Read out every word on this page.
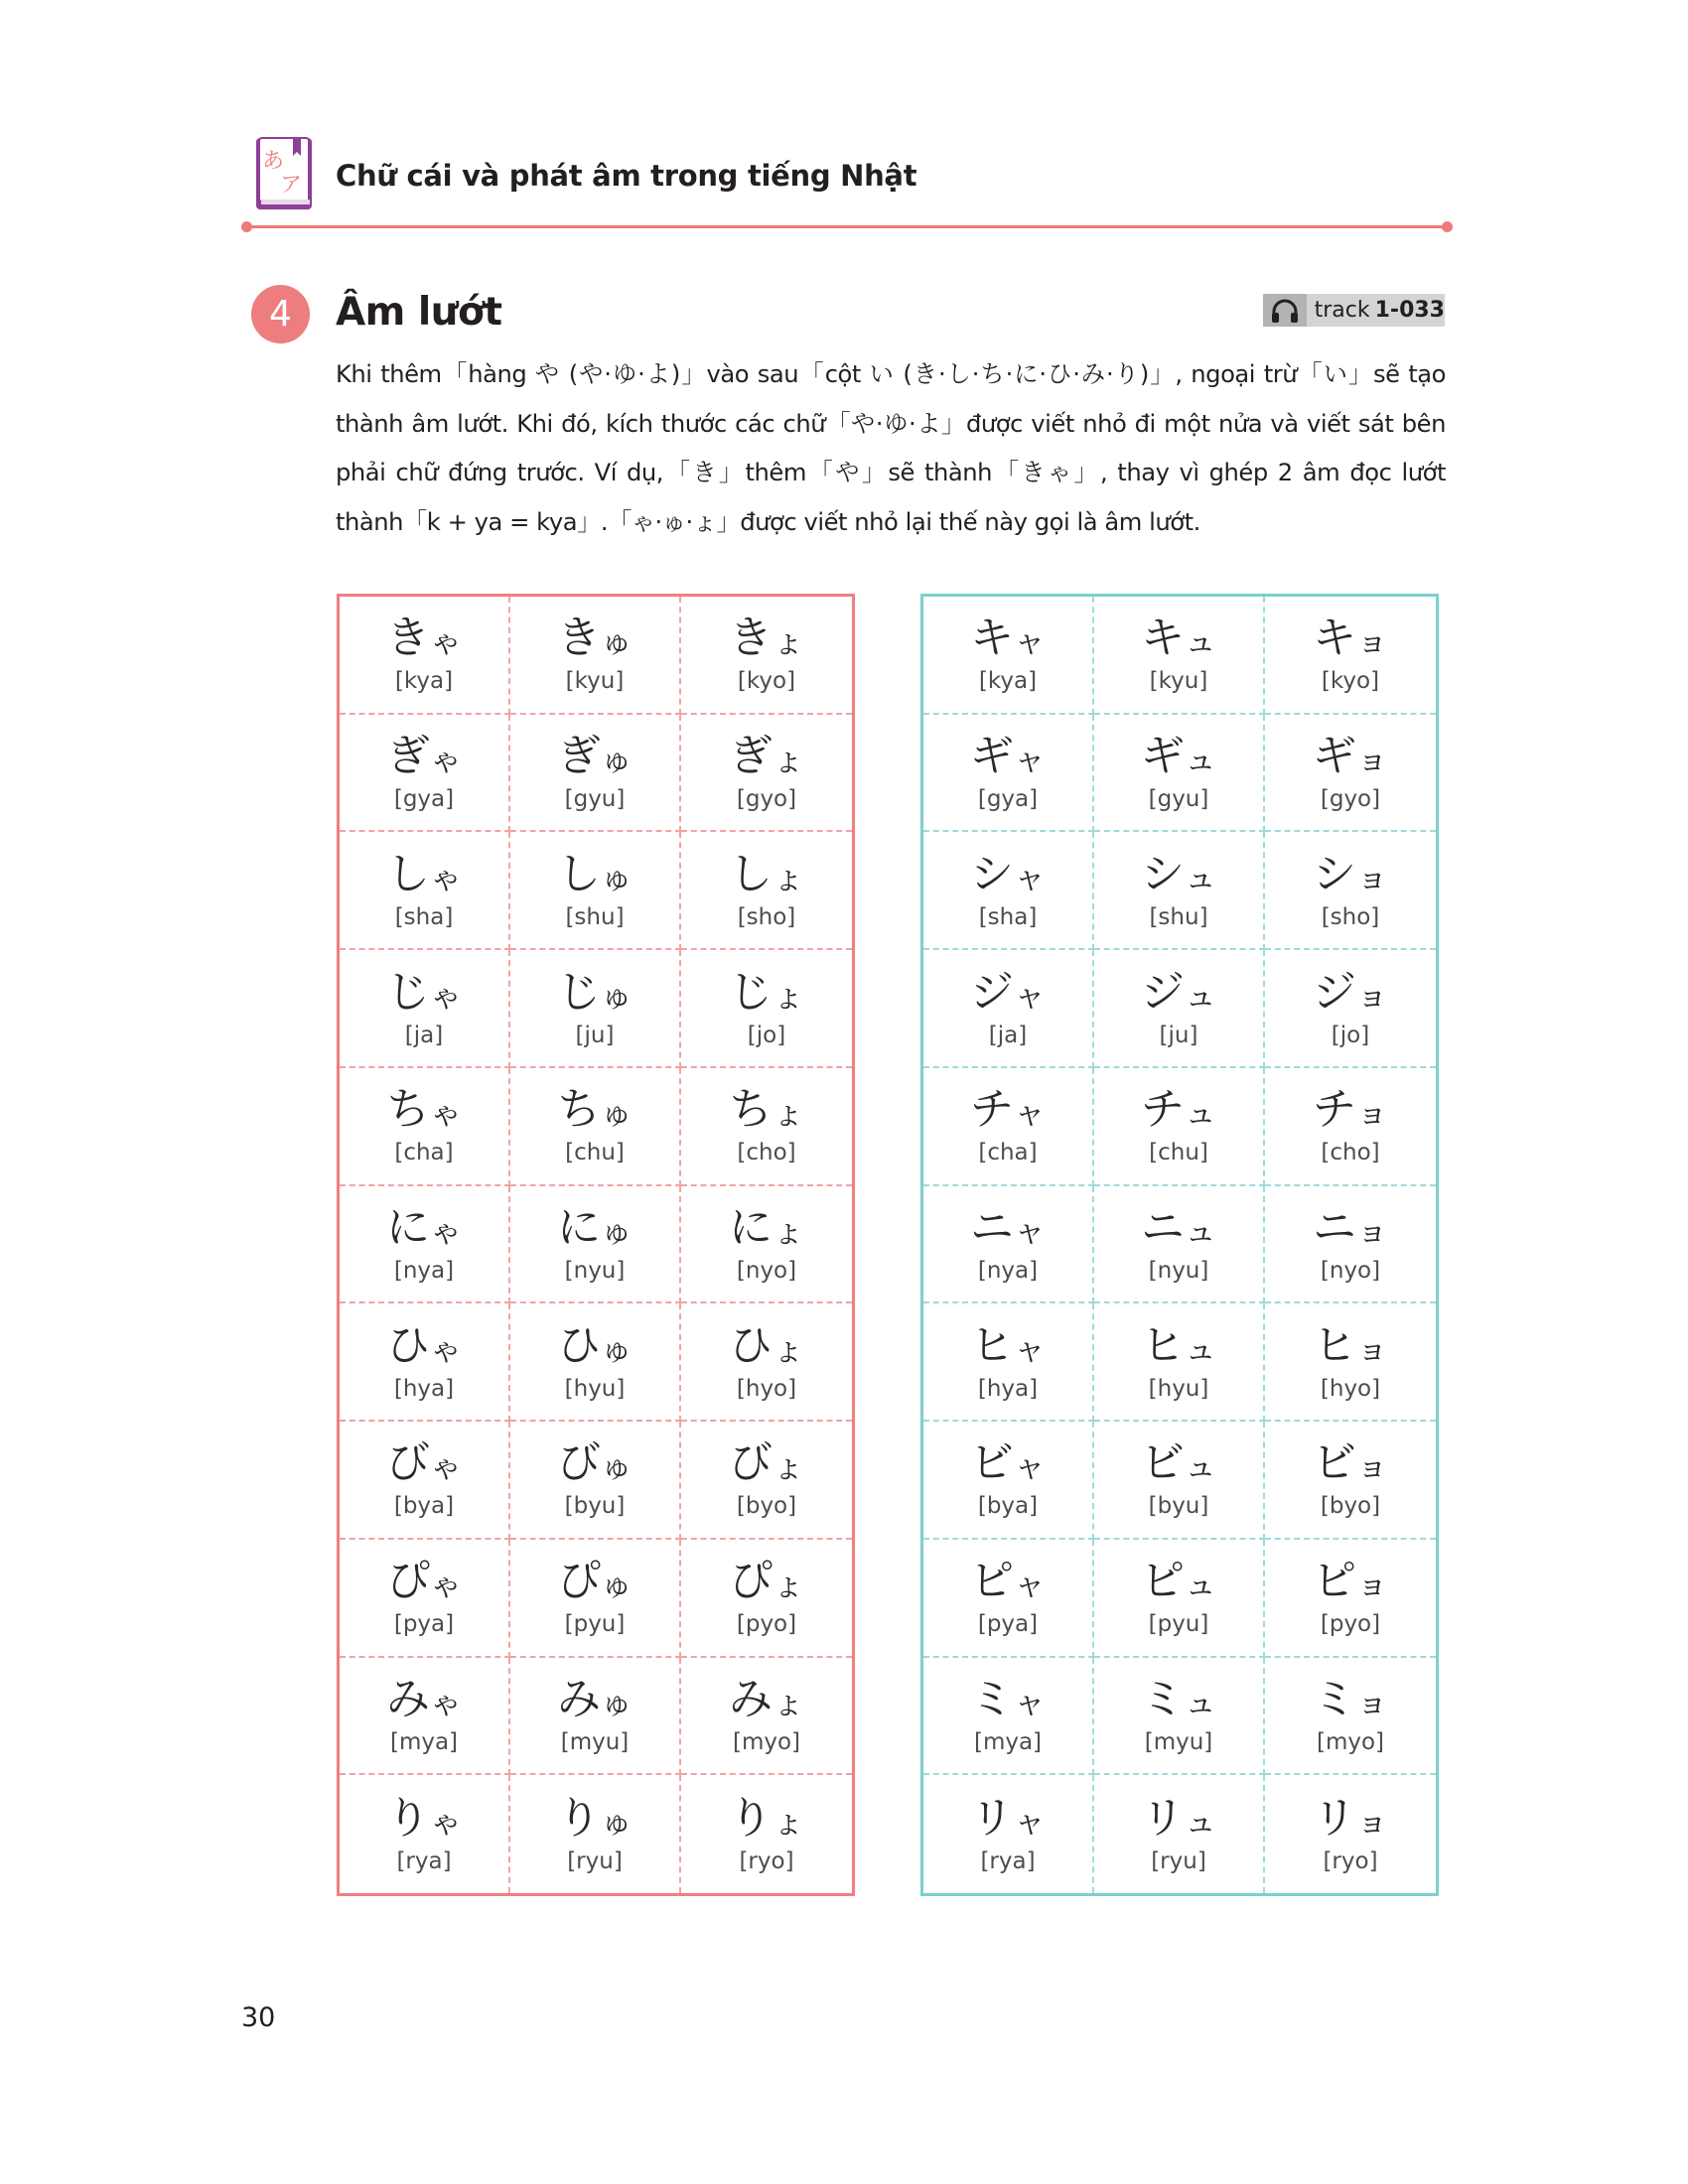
あ
ア Chữ cái và phát âm trong tiếng Nhật
4	Âm lướt	track 1-033
Khi thêm「hàng や (や·ゆ·よ)」vào sau「cột い (き·し·ち·に·ひ·み·り)」, ngoại trừ「い」sẽ tạo thành âm lướt. Khi đó, kích thước các chữ「や·ゆ·よ」được viết nhỏ đi một nửa và viết sát bên phải chữ đứng trước. Ví dụ,「き」thêm「や」sẽ thành「きゃ」, thay vì ghép 2 âm đọc lướt thành「k + ya = kya」.「ゃ·ゅ·ょ」được viết nhỏ lại thế này gọi là âm lướt.
きゃ
[kya]
きゅ
[kyu]
きょ
[kyo]
ぎゃ
[gya]
ぎゅ
[gyu]
ぎょ
[gyo]
しゃ
[sha]
しゅ
[shu]
しょ
[sho]
じゃ
[ja]
じゅ
[ju]
じょ
[jo]
ちゃ
[cha]
ちゅ
[chu]
ちょ
[cho]
にゃ
[nya]
にゅ
[nyu]
にょ
[nyo]
ひゃ
[hya]
ひゅ
[hyu]
ひょ
[hyo]
びゃ
[bya]
びゅ
[byu]
びょ
[byo]
ぴゃ
[pya]
ぴゅ
[pyu]
ぴょ
[pyo]
みゃ
[mya]
みゅ
[myu]
みょ
[myo]
りゃ
[rya]
りゅ
[ryu]
りょ
[ryo]
キャ
[kya]
キュ
[kyu]
キョ
[kyo]
ギャ
[gya]
ギュ
[gyu]
ギョ
[gyo]
シャ
[sha]
シュ
[shu]
ショ
[sho]
ジャ
[ja]
ジュ
[ju]
ジョ
[jo]
チャ
[cha]
チュ
[chu]
チョ
[cho]
ニャ
[nya]
ニュ
[nyu]
ニョ
[nyo]
ヒャ
[hya]
ヒュ
[hyu]
ヒョ
[hyo]
ビャ
[bya]
ビュ
[byu]
ビョ
[byo]
ピャ
[pya]
ピュ
[pyu]
ピョ
[pyo]
ミャ
[mya]
ミュ
[myu]
ミョ
[myo]
リャ
[rya]
リュ
[ryu]
リョ
[ryo]
30
